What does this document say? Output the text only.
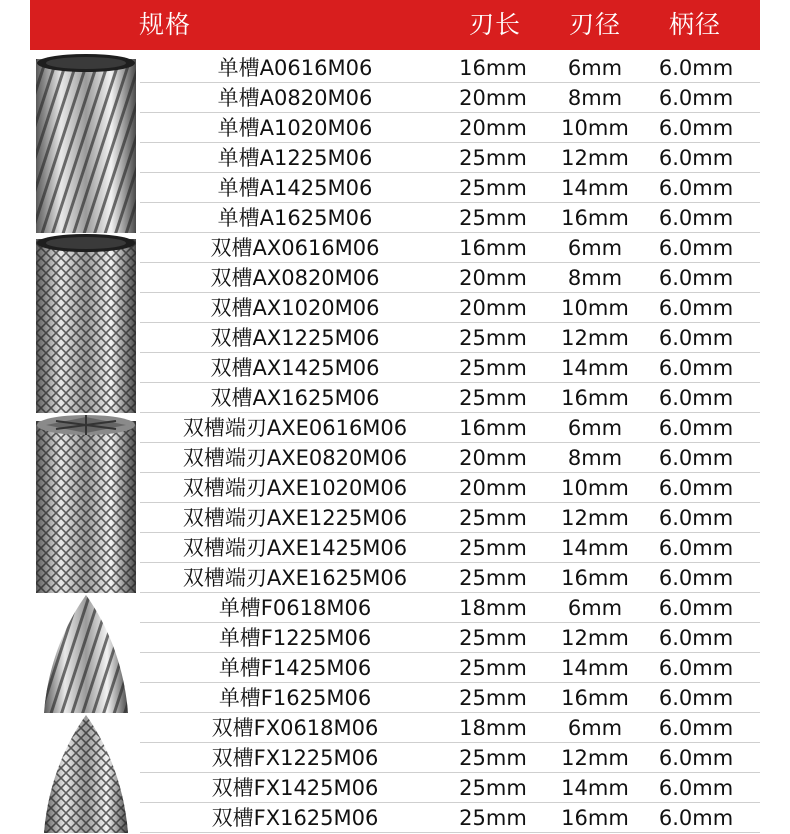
规格	刃长 刃径 柄径
单槽A0616M06	16mm 6mm 6.0mm
单槽A0820M06	20mm 8mm 6.0mm
单槽A1020M06	20mm 10mm 6.0mm
单槽A1225M06	25mm 12mm 6.0mm
单槽A1425M06	25mm 14mm 6.0mm
单槽A1625M06	25mm 16mm 6.0mm
双槽AX0616M06	16mm 6mm 6.0mm
双槽AX0820M06	20mm 8mm 6.0mm
双槽AX1020M06	20mm 10mm 6.0mm
双槽AX1225M06	25mm 12mm 6.0mm
双槽AX1425M06	25mm 14mm 6.0mm
双槽AX1625M06	25mm 16mm 6.0mm
双槽端刃AXE0616M06 16mm 6mm 6.0mm
双槽端刃AXE0820M06 20mm 8mm 6.0mm
双槽端刃AXE1020M06 20mm 10mm 6.0mm
双槽端刃AXE1225M06 25mm 12mm 6.0mm
双槽端刃AXE1425M06 25mm 14mm 6.0mm
双槽端刃AXE1625M06 25mm 16mm 6.0mm
单槽F0618M06	18mm 6mm 6.0mm
单槽F1225M06	25mm 12mm 6.0mm
单槽F1425M06	25mm 14mm 6.0mm
单槽F1625M06	25mm 16mm 6.0mm
双槽FX0618M06	18mm 6mm 6.0mm
双槽FX1225M06	25mm 12mm 6.0mm
双槽FX1425M06	25mm 14mm 6.0mm
双槽FX1625M06	25mm 16mm 6.0mm
